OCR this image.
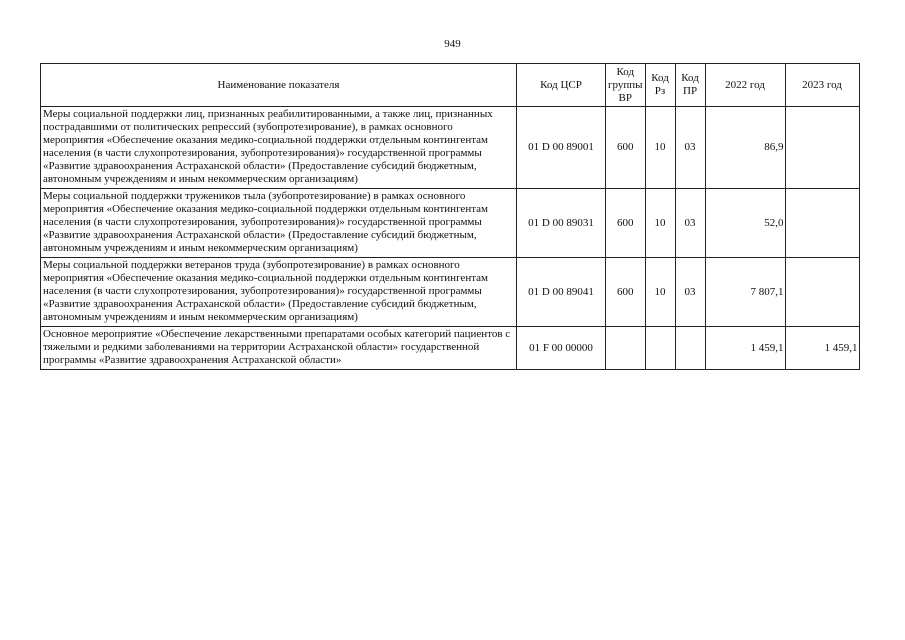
949
Наименование показателя	Код ЦСР	Код группы ВР	Код Рз	Код ПР	2022 год	2023 год
Меры социальной поддержки лиц, признанных реабилитированными, а также лиц, признанных пострадавшими от политических репрессий (зубопротезирование), в рамках основного мероприятия «Обеспечение оказания медико-социальной поддержки отдельным контингентам населения (в части слухопротезирования, зубопротезирования)» государственной программы «Развитие здравоохранения Астраханской области» (Предоставление субсидий бюджетным, автономным учреждениям и иным некоммерческим организациям)	01 D 00 89001	600	10	03	86,9	
Меры социальной поддержки тружеников тыла (зубопротезирование) в рамках основного мероприятия «Обеспечение оказания медико-социальной поддержки отдельным контингентам населения (в части слухопротезирования, зубопротезирования)» государственной программы «Развитие здравоохранения Астраханской области» (Предоставление субсидий бюджетным, автономным учреждениям и иным некоммерческим организациям)	01 D 00 89031	600	10	03	52,0	
Меры социальной поддержки ветеранов труда (зубопротезирование) в рамках основного мероприятия «Обеспечение оказания медико-социальной поддержки отдельным контингентам населения (в части слухопротезирования, зубопротезирования)» государственной программы «Развитие здравоохранения Астраханской области» (Предоставление субсидий бюджетным, автономным учреждениям и иным некоммерческим организациям)	01 D 00 89041	600	10	03	7 807,1	
Основное мероприятие «Обеспечение лекарственными препаратами особых категорий пациентов с тяжелыми и редкими заболеваниями на территории Астраханской области» государственной программы «Развитие здравоохранения Астраханской области»	01 F 00 00000				1 459,1	1 459,1
